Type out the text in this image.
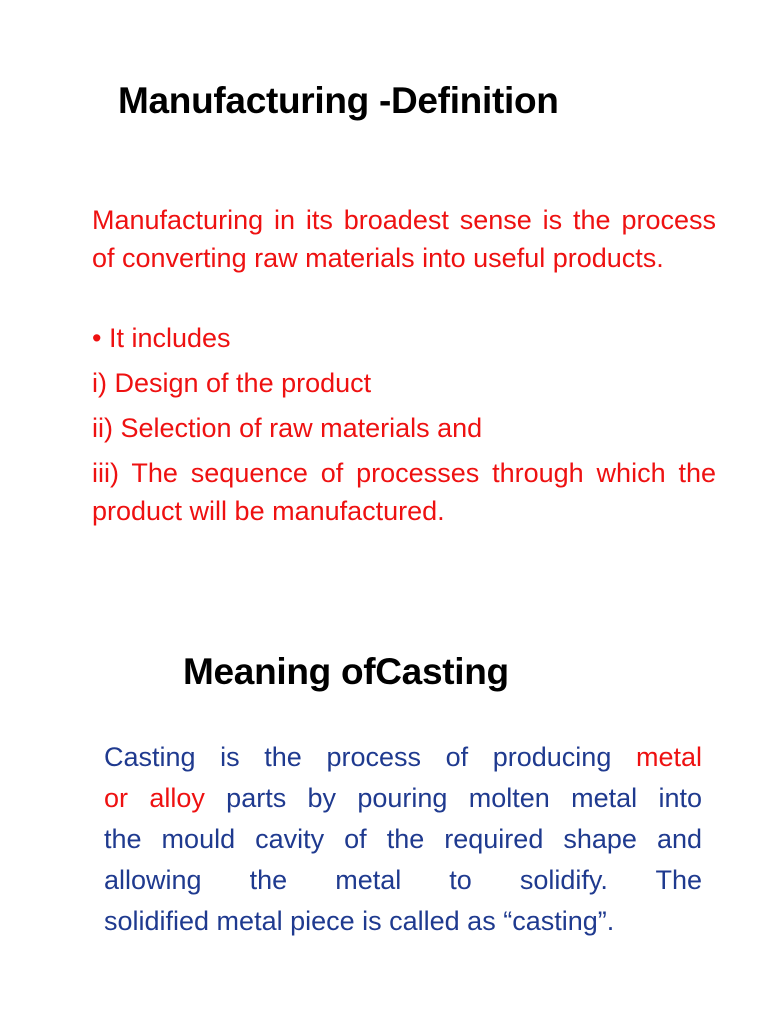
Manufacturing -Definition

Manufacturing in its broadest sense is the process of converting raw materials into useful products.

• It includes

i) Design of the product

ii) Selection of raw materials and

iii) The sequence of processes through which the product will be manufactured.

Meaning ofCasting
Casting is the process of producing metal
or alloy parts by pouring molten metal into
the mould cavity of the required shape and
allowing the metal to solidify. The
solidified metal piece is called as “casting”.
